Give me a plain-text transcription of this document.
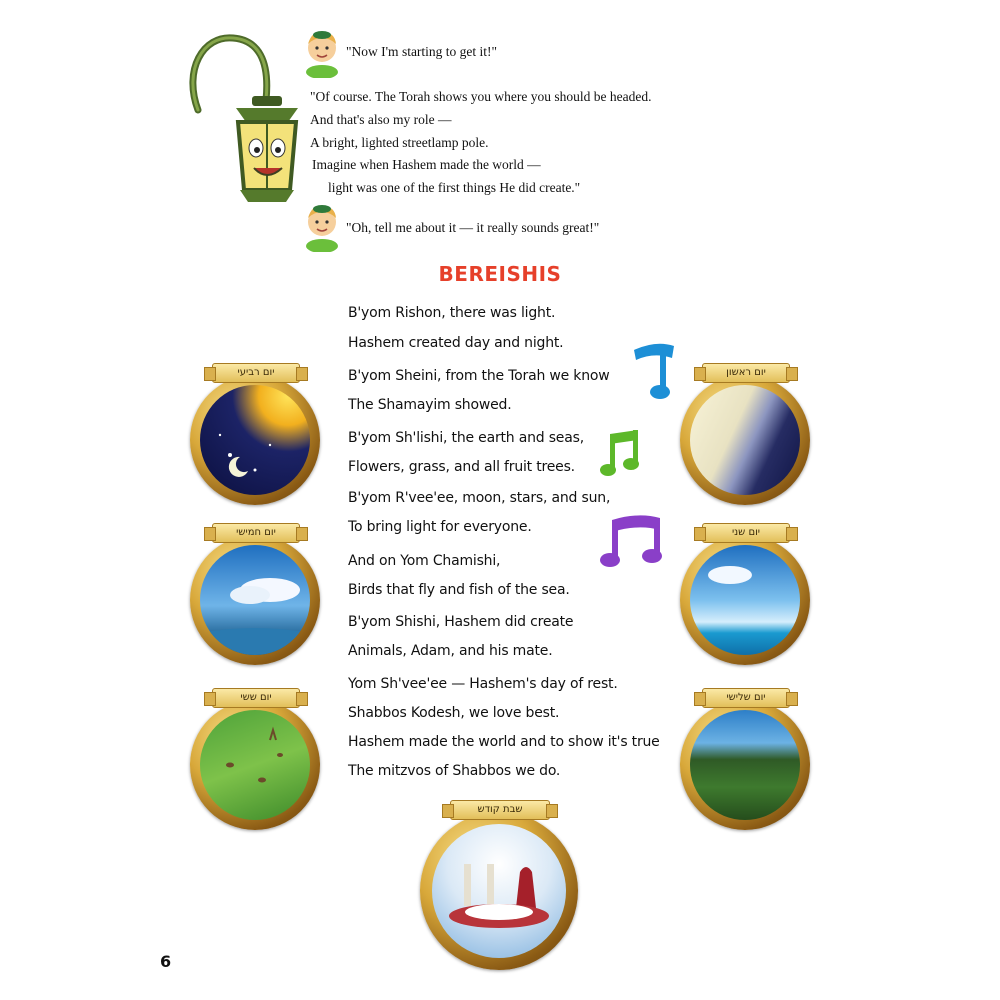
"Now I'm starting to get it!"
"Of course. The Torah shows you where you should be headed.
And that's also my role —
A bright, lighted streetlamp pole.
Imagine when Hashem made the world —
light was one of the first things He did create."
"Oh, tell me about it — it really sounds great!"
BEREISHIS
B'yom Rishon, there was light.
Hashem created day and night.
B'yom Sheini, from the Torah we know
The Shamayim showed.
B'yom Sh'lishi, the earth and seas,
Flowers, grass, and all fruit trees.
B'yom R'vee'ee, moon, stars, and sun,
To bring light for everyone.
And on Yom Chamishi,
Birds that fly and fish of the sea.
B'yom Shishi, Hashem did create
Animals, Adam, and his mate.
Yom Sh'vee'ee — Hashem's day of rest.
Shabbos Kodesh, we love best.
Hashem made the world and to show it's true
The mitzvos of Shabbos we do.
יום רביעי
יום חמישי
יום ששי
יום ראשון
יום שני
יום שלישי
שבת קודש
6
